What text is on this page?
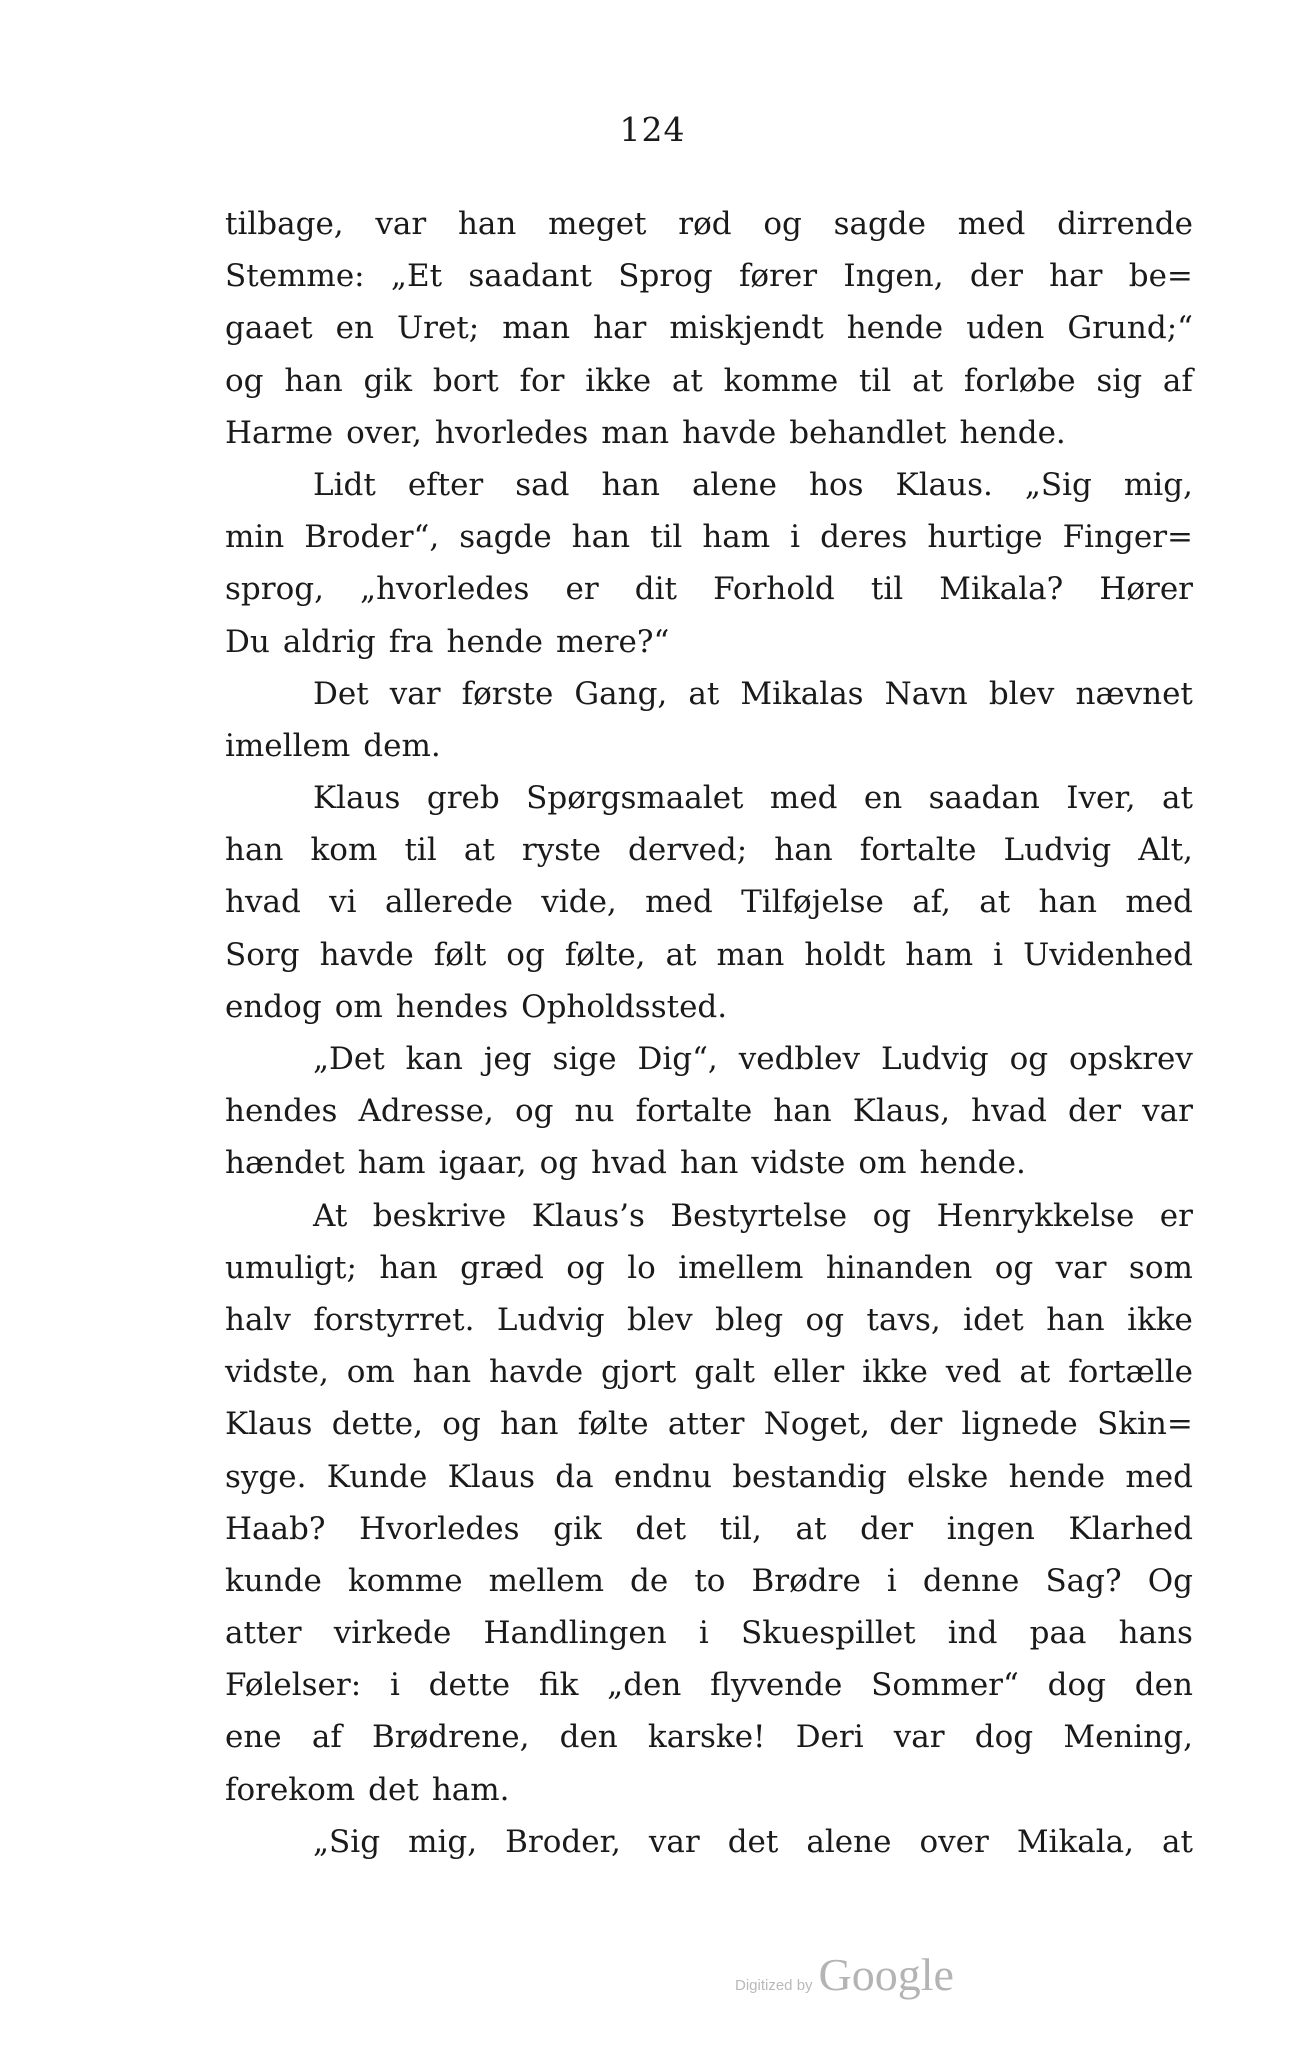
124
tilbage, var han meget rød og sagde med dirrende
Stemme: „Et saadant Sprog fører Ingen, der har be=
gaaet en Uret; man har miskjendt hende uden Grund;“
og han gik bort for ikke at komme til at forløbe sig af
Harme over, hvorledes man havde behandlet hende.
Lidt efter sad han alene hos Klaus. „Sig mig,
min Broder“, sagde han til ham i deres hurtige Finger=
sprog, „hvorledes er dit Forhold til Mikala? Hører
Du aldrig fra hende mere?“
Det var første Gang, at Mikalas Navn blev nævnet
imellem dem.
Klaus greb Spørgsmaalet med en saadan Iver, at
han kom til at ryste derved; han fortalte Ludvig Alt,
hvad vi allerede vide, med Tilføjelse af, at han med
Sorg havde følt og følte, at man holdt ham i Uvidenhed
endog om hendes Opholdssted.
„Det kan jeg sige Dig“, vedblev Ludvig og opskrev
hendes Adresse, og nu fortalte han Klaus, hvad der var
hændet ham igaar, og hvad han vidste om hende.
At beskrive Klaus’s Bestyrtelse og Henrykkelse er
umuligt; han græd og lo imellem hinanden og var som
halv forstyrret. Ludvig blev bleg og tavs, idet han ikke
vidste, om han havde gjort galt eller ikke ved at fortælle
Klaus dette, og han følte atter Noget, der lignede Skin=
syge. Kunde Klaus da endnu bestandig elske hende med
Haab? Hvorledes gik det til, at der ingen Klarhed
kunde komme mellem de to Brødre i denne Sag? Og
atter virkede Handlingen i Skuespillet ind paa hans
Følelser: i dette fik „den flyvende Sommer“ dog den
ene af Brødrene, den karske! Deri var dog Mening,
forekom det ham.
„Sig mig, Broder, var det alene over Mikala, at
Digitized by Google
